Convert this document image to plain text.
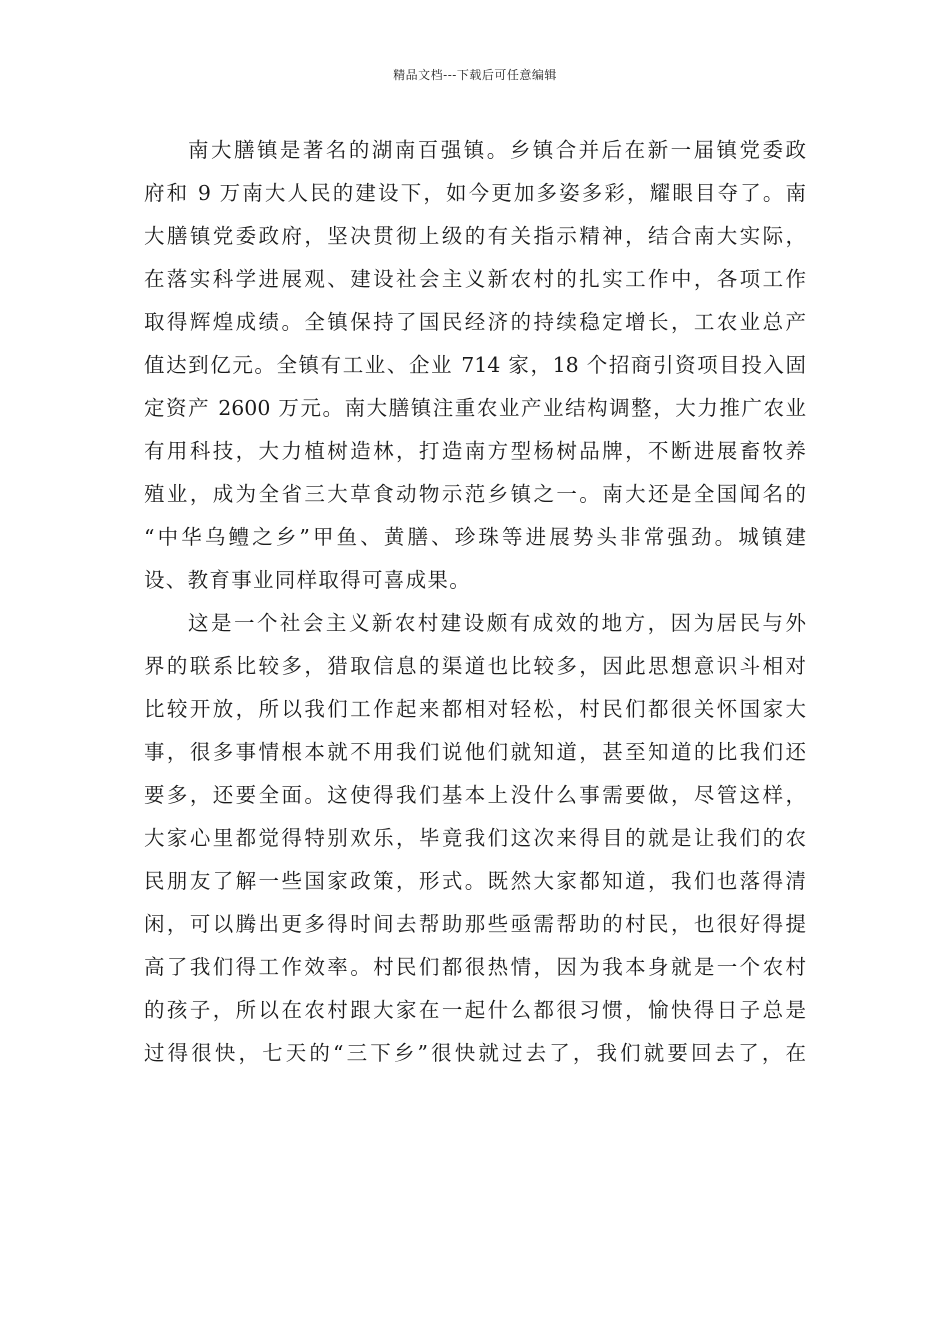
精品文档---下载后可任意编辑
南大膳镇是著名的湖南百强镇。乡镇合并后在新一届镇党委政
府和 9 万南大人民的建设下，如今更加多姿多彩，耀眼目夺了。南
大膳镇党委政府，坚决贯彻上级的有关指示精神，结合南大实际，
在落实科学进展观、建设社会主义新农村的扎实工作中，各项工作
取得辉煌成绩。全镇保持了国民经济的持续稳定增长，工农业总产
值达到亿元。全镇有工业、企业 714 家，18 个招商引资项目投入固
定资产 2600 万元。南大膳镇注重农业产业结构调整，大力推广农业
有用科技，大力植树造林，打造南方型杨树品牌，不断进展畜牧养
殖业，成为全省三大草食动物示范乡镇之一。南大还是全国闻名的
“中华乌鳢之乡”甲鱼、黄膳、珍珠等进展势头非常强劲。城镇建
设、教育事业同样取得可喜成果。
这是一个社会主义新农村建设颇有成效的地方，因为居民与外
界的联系比较多，猎取信息的渠道也比较多，因此思想意识斗相对
比较开放，所以我们工作起来都相对轻松，村民们都很关怀国家大
事，很多事情根本就不用我们说他们就知道，甚至知道的比我们还
要多，还要全面。这使得我们基本上没什么事需要做，尽管这样，
大家心里都觉得特别欢乐，毕竟我们这次来得目的就是让我们的农
民朋友了解一些国家政策，形式。既然大家都知道，我们也落得清
闲，可以腾出更多得时间去帮助那些亟需帮助的村民，也很好得提
高了我们得工作效率。村民们都很热情，因为我本身就是一个农村
的孩子，所以在农村跟大家在一起什么都很习惯，愉快得日子总是
过得很快，七天的“三下乡”很快就过去了，我们就要回去了，在
